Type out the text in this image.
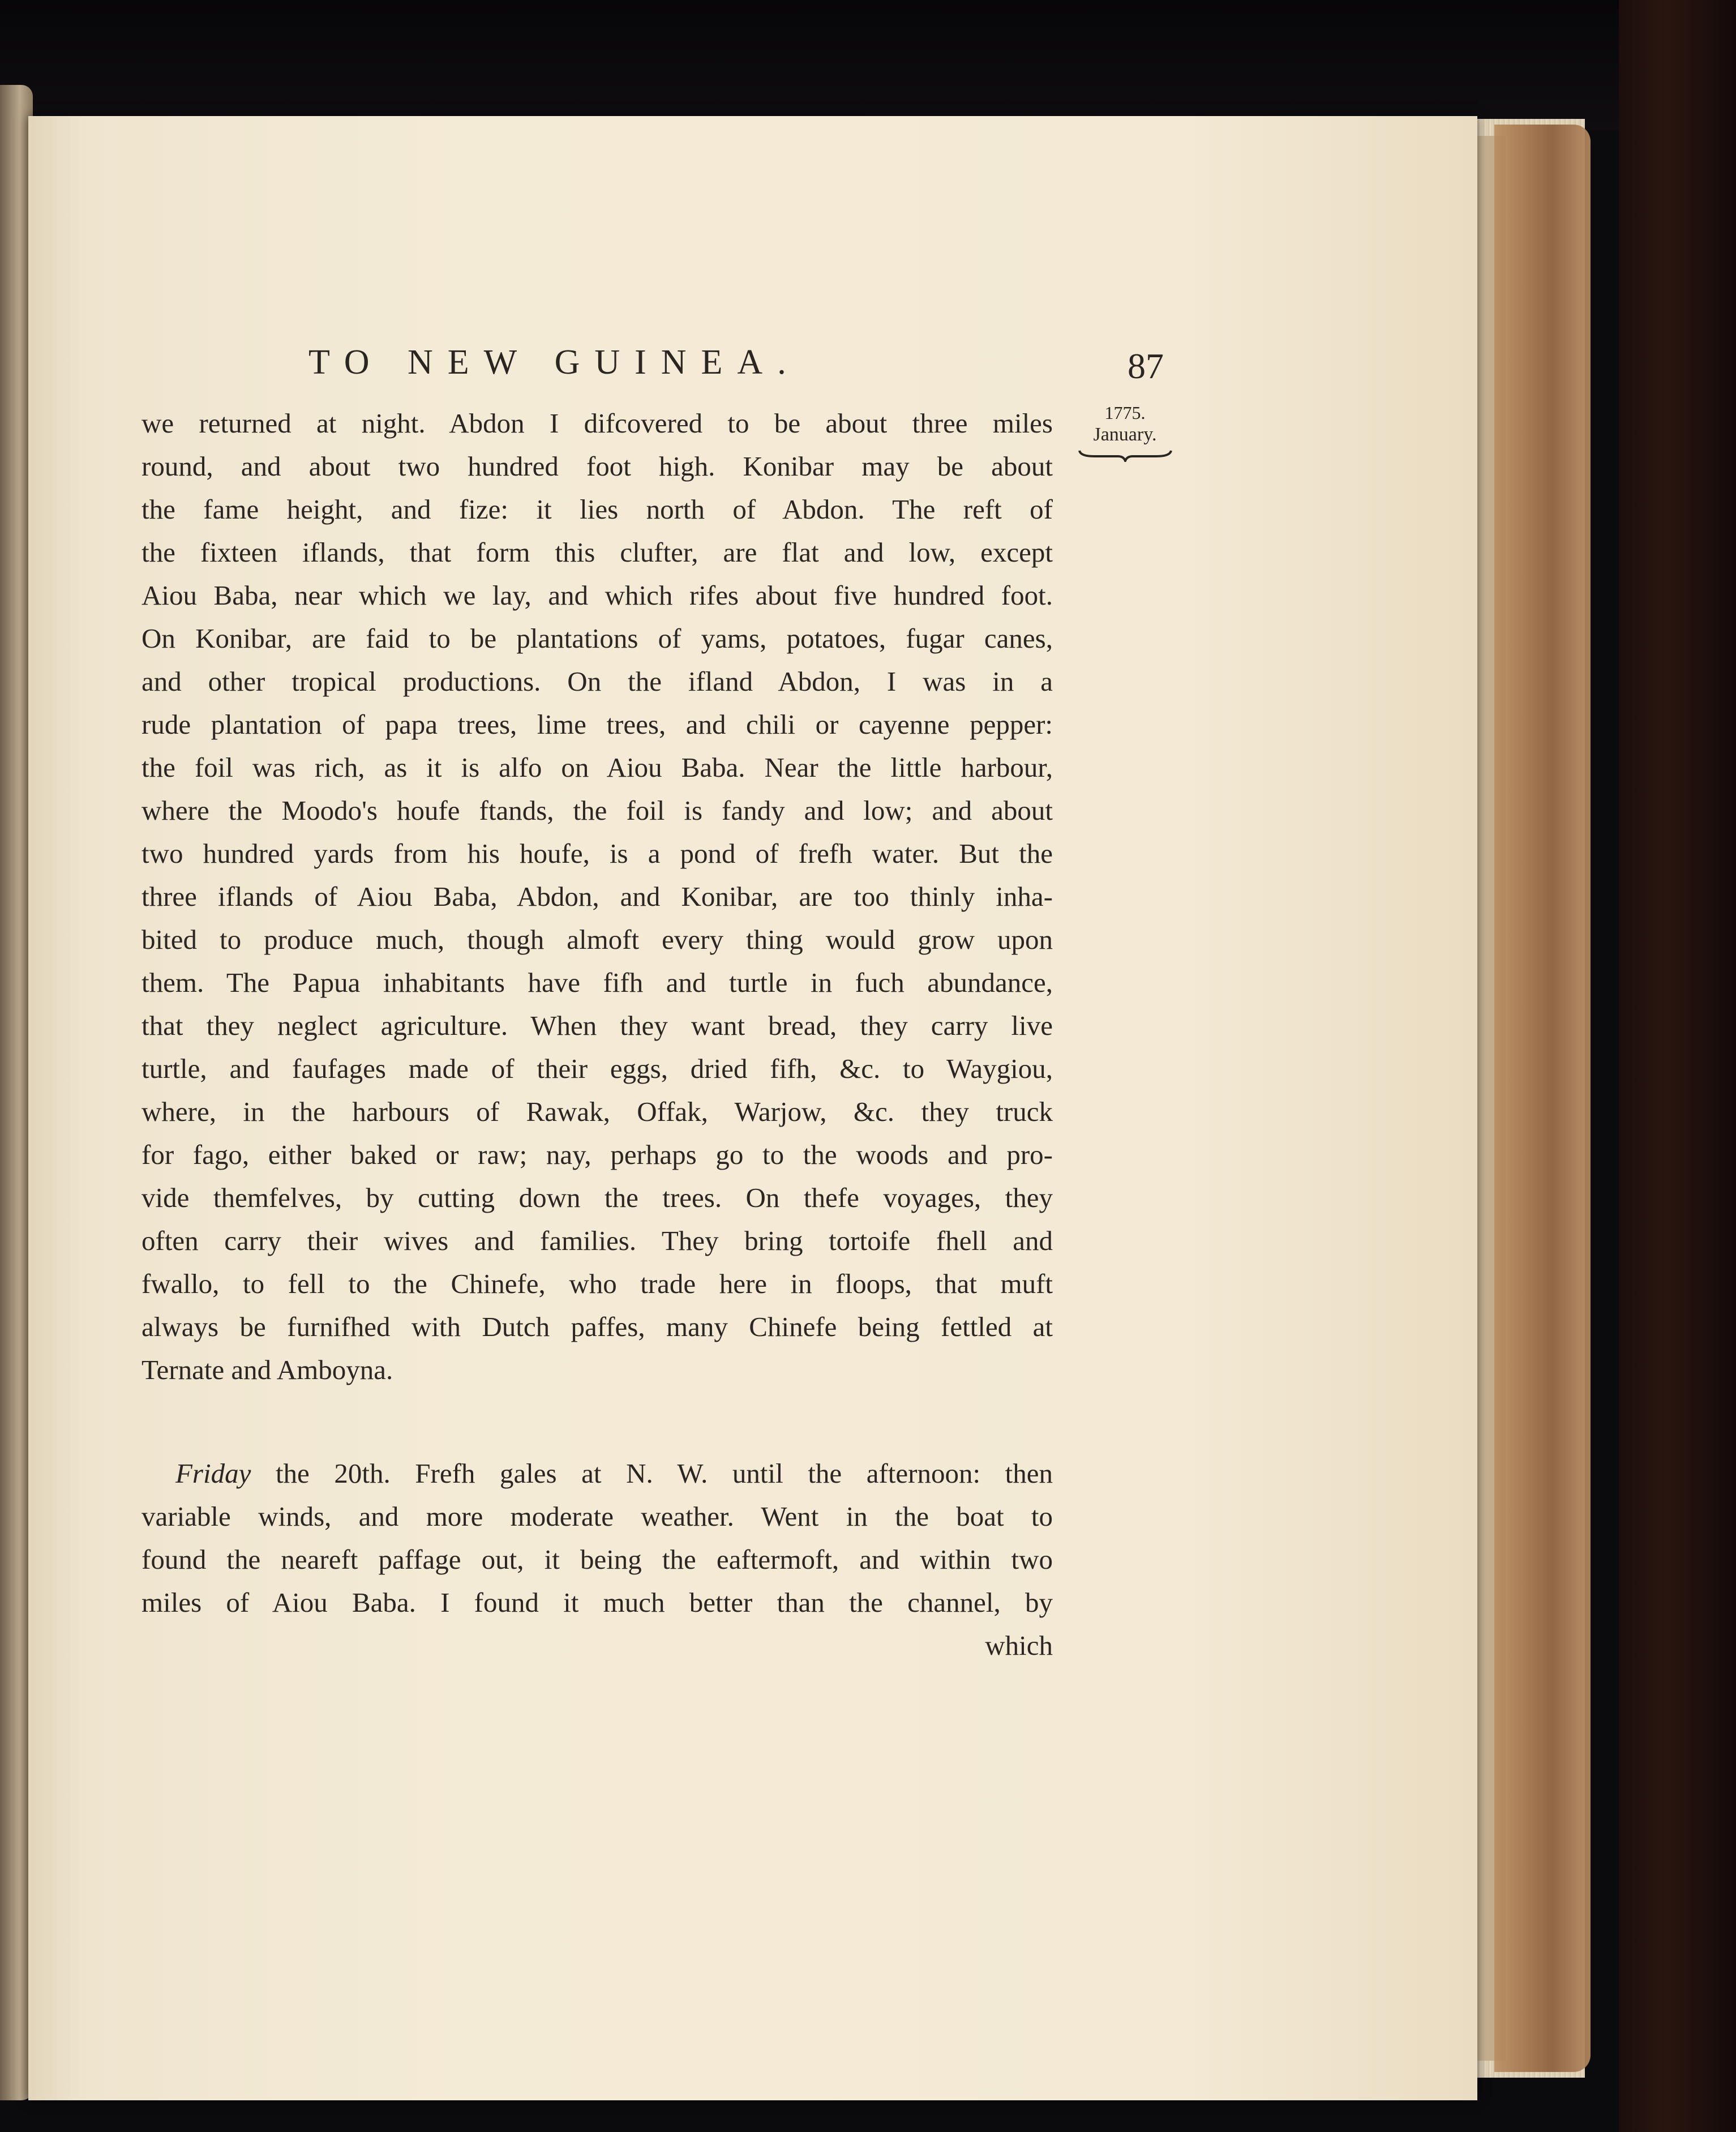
TO NEW GUINEA.	87
1775.
January.
we returned at night. Abdon I difcovered to be about three miles
round, and about two hundred foot high. Konibar may be about
the fame height, and fize: it lies north of Abdon. The reft of
the fixteen iflands, that form this clufter, are flat and low, except
Aiou Baba, near which we lay, and which rifes about five hundred foot.
On Konibar, are faid to be plantations of yams, potatoes, fugar canes,
and other tropical productions. On the ifland Abdon, I was in a
rude plantation of papa trees, lime trees, and chili or cayenne pepper:
the foil was rich, as it is alfo on Aiou Baba. Near the little harbour,
where the Moodo's houfe ftands, the foil is fandy and low; and about
two hundred yards from his houfe, is a pond of frefh water. But the
three iflands of Aiou Baba, Abdon, and Konibar, are too thinly inha-
bited to produce much, though almoft every thing would grow upon
them. The Papua inhabitants have fifh and turtle in fuch abundance,
that they neglect agriculture. When they want bread, they carry live
turtle, and faufages made of their eggs, dried fifh, &c. to Waygiou,
where, in the harbours of Rawak, Offak, Warjow, &c. they truck
for fago, either baked or raw; nay, perhaps go to the woods and pro-
vide themfelves, by cutting down the trees. On thefe voyages, they
often carry their wives and families. They bring tortoife fhell and
fwallo, to fell to the Chinefe, who trade here in floops, that muft
always be furnifhed with Dutch paffes, many Chinefe being fettled at
Ternate and Amboyna.
Friday the 20th. Frefh gales at N. W. until the afternoon: then
variable winds, and more moderate weather. Went in the boat to
found the neareft paffage out, it being the eaftermoft, and within two
miles of Aiou Baba. I found it much better than the channel, by
which
